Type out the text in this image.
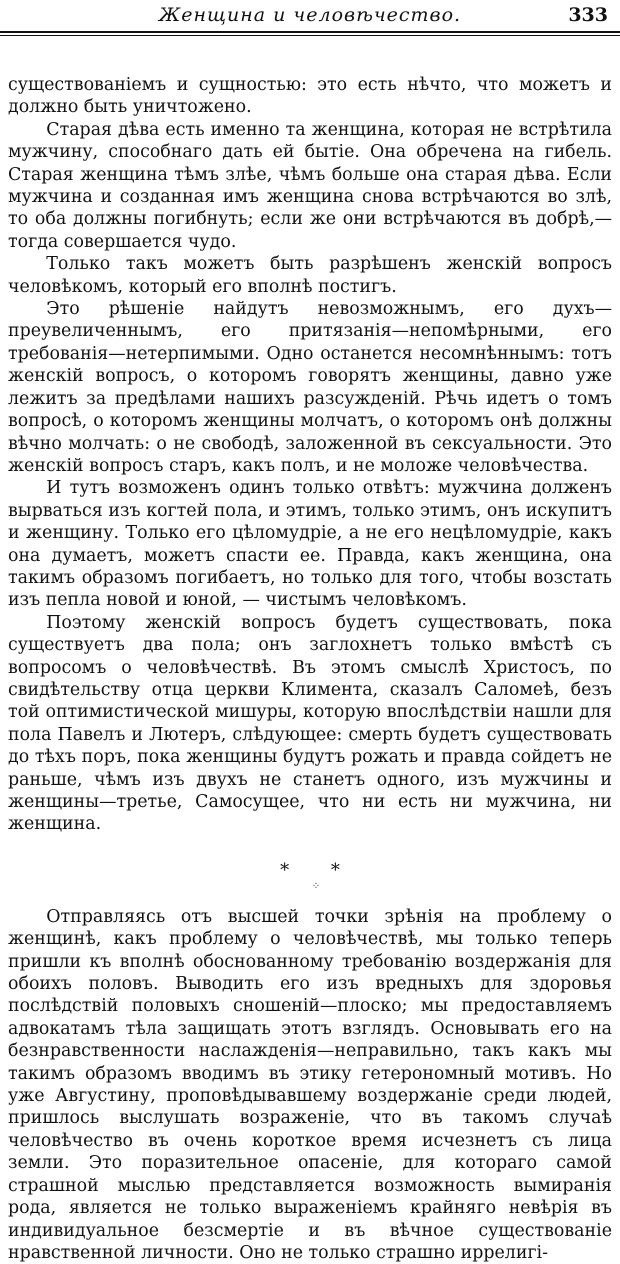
Женщина и человѣчество.	333

существованіемъ и сущностью: это есть нѣчто, что можетъ и должно быть уничтожено.

Старая дѣва есть именно та женщина, которая не встрѣтила мужчину, способнаго дать ей бытіе. Она обречена на гибель. Старая женщина тѣмъ злѣе, чѣмъ больше она старая дѣва. Если мужчина и созданная имъ женщина снова встрѣчаются во злѣ, то оба должны погибнуть; если же они встрѣчаются въ добрѣ,—тогда совершается чудо.

Только такъ можетъ быть разрѣшенъ женскій вопросъ человѣкомъ, который его вполнѣ постигъ.

Это рѣшеніе найдутъ невозможнымъ, его духъ—преувеличеннымъ, его притязанія—непомѣрными, его требованія—нетерпимыми. Одно останется несомнѣннымъ: тотъ женскій вопросъ, о которомъ говорятъ женщины, давно уже лежитъ за предѣлами нашихъ разсужденій. Рѣчь идетъ о томъ вопросѣ, о которомъ женщины молчатъ, о которомъ онѣ должны вѣчно молчать: о не свободѣ, заложенной въ сексуальности. Это женскій вопросъ старъ, какъ полъ, и не моложе человѣчества.

И тутъ возможенъ одинъ только отвѣтъ: мужчина долженъ вырваться изъ когтей пола, и этимъ, только этимъ, онъ искупитъ и женщину. Только его цѣломудріе, а не его нецѣломудріе, какъ она думаетъ, можетъ спасти ее. Правда, какъ женщина, она такимъ образомъ погибаетъ, но только для того, чтобы возстать изъ пепла новой и юной, — чистымъ человѣкомъ.

Поэтому женскій вопросъ будетъ существовать, пока существуетъ два пола; онъ заглохнетъ только вмѣстѣ съ вопросомъ о человѣчествѣ. Въ этомъ смыслѣ Христосъ, по свидѣтельству отца церкви Климента, сказалъ Саломеѣ, безъ той оптимистической мишуры, которую впослѣдствіи нашли для пола Павелъ и Лютеръ, слѣдующее: смерть будетъ существовать до тѣхъ поръ, пока женщины будутъ рожать и правда сойдетъ не раньше, чѣмъ изъ двухъ не станетъ одного, изъ мужчины и женщины—третье, Самосущее, что ни есть ни мужчина, ни женщина.

* *
⁘

Отправляясь отъ высшей точки зрѣнія на проблему о женщинѣ, какъ проблему о человѣчествѣ, мы только теперь пришли къ вполнѣ обоснованному требованію воздержанія для обоихъ половъ. Выводить его изъ вредныхъ для здоровья послѣдствій половыхъ сношеній—плоско; мы предоставляемъ адвокатамъ тѣла защищать этотъ взглядъ. Основывать его на безнравственности наслажденія—неправильно, такъ какъ мы такимъ образомъ вводимъ въ этику гетерономный мотивъ. Но уже Августину, проповѣдывавшему воздержаніе среди людей, пришлось выслушать возраженіе, что въ такомъ случаѣ человѣчество въ очень короткое время исчезнетъ съ лица земли. Это поразительное опасеніе, для котораго самой страшной мыслью представляется возможность вымиранія рода, является не только выраженіемъ крайняго невѣрія въ индивидуальное безсмертіе и въ вѣчное существованіе нравственной личности. Оно не только страшно иррелигі-
